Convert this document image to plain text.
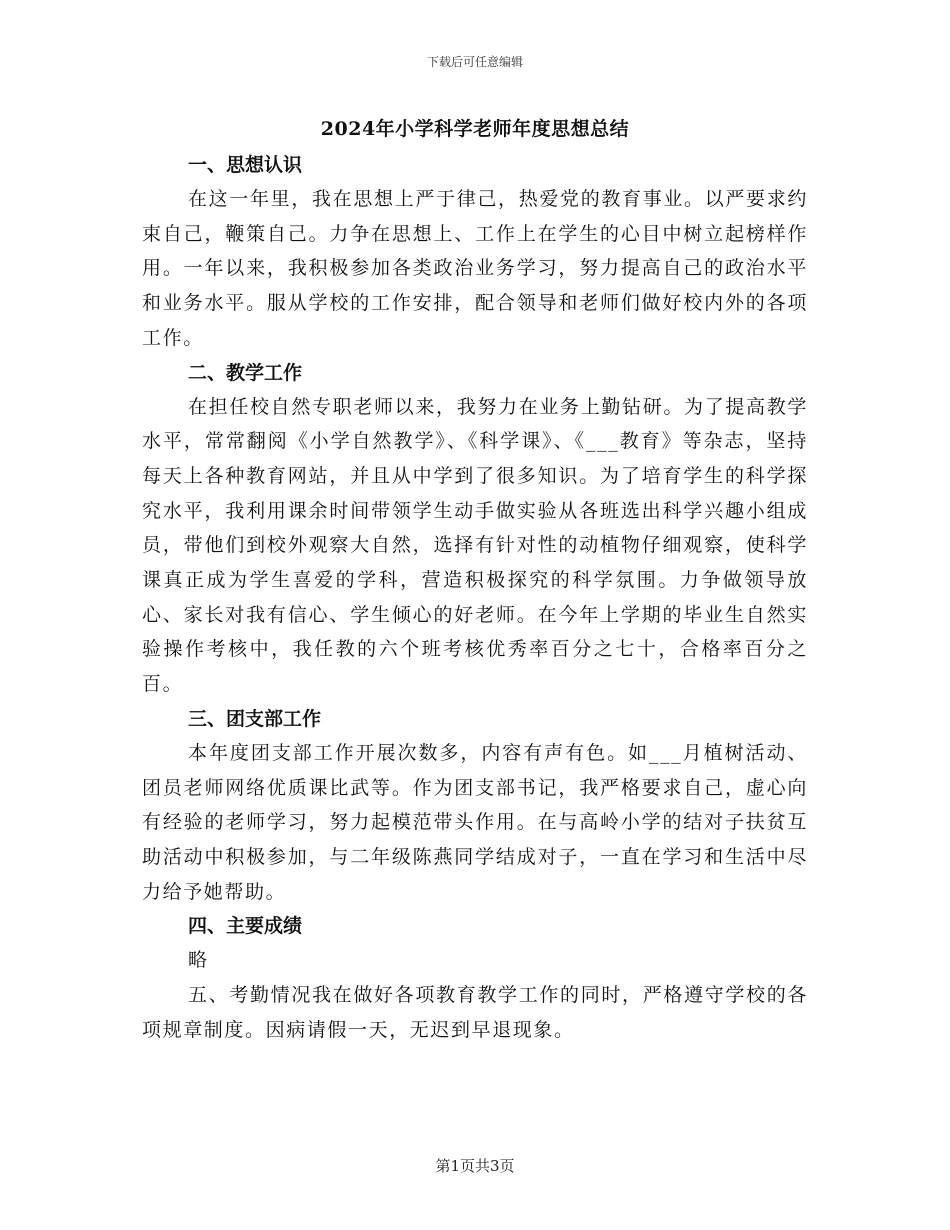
下载后可任意编辑
2024年小学科学老师年度思想总结

一、思想认识

在这一年里，我在思想上严于律己，热爱党的教育事业。以严要求约束自己，鞭策自己。力争在思想上、工作上在学生的心目中树立起榜样作用。一年以来，我积极参加各类政治业务学习，努力提高自己的政治水平和业务水平。服从学校的工作安排，配合领导和老师们做好校内外的各项工作。

二、教学工作

在担任校自然专职老师以来，我努力在业务上勤钻研。为了提高教学水平，常常翻阅《小学自然教学》、《科学课》、《___教育》等杂志，坚持每天上各种教育网站，并且从中学到了很多知识。为了培育学生的科学探究水平，我利用课余时间带领学生动手做实验从各班选出科学兴趣小组成员，带他们到校外观察大自然，选择有针对性的动植物仔细观察，使科学课真正成为学生喜爱的学科，营造积极探究的科学氛围。力争做领导放心、家长对我有信心、学生倾心的好老师。在今年上学期的毕业生自然实验操作考核中，我任教的六个班考核优秀率百分之七十，合格率百分之百。

三、团支部工作

本年度团支部工作开展次数多，内容有声有色。如___月植树活动、团员老师网络优质课比武等。作为团支部书记，我严格要求自己，虚心向有经验的老师学习，努力起模范带头作用。在与高岭小学的结对子扶贫互助活动中积极参加，与二年级陈燕同学结成对子，一直在学习和生活中尽力给予她帮助。

四、主要成绩

略

五、考勤情况我在做好各项教育教学工作的同时，严格遵守学校的各项规章制度。因病请假一天，无迟到早退现象。

第1页共3页
